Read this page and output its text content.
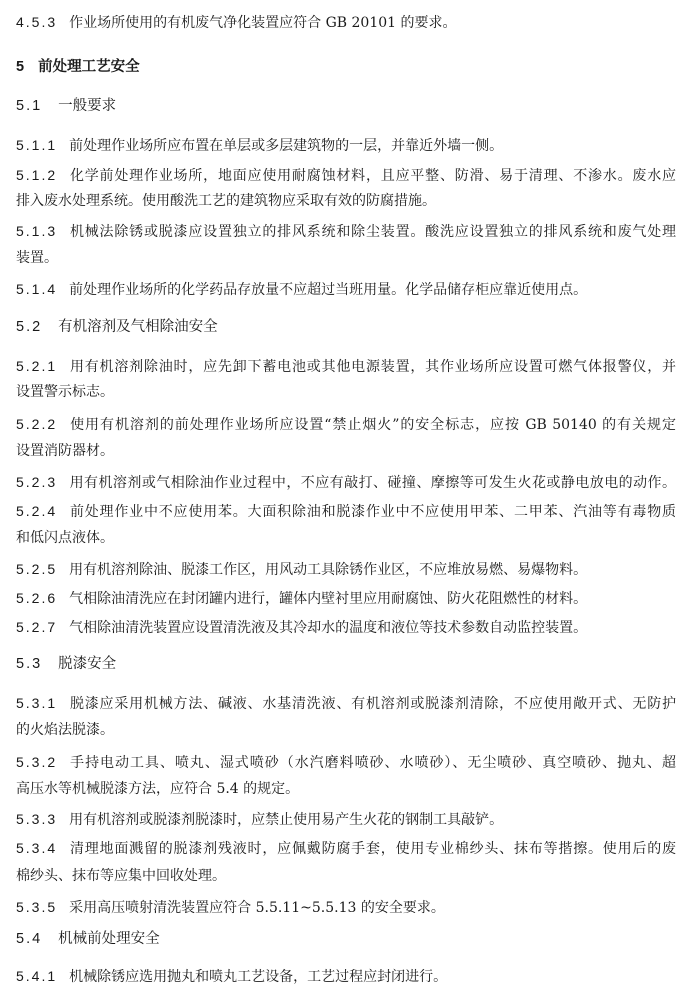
4.5.3 作业场所使用的有机废气净化装置应符合 GB 20101 的要求。
5 前处理工艺安全
5.1 一般要求
5.1.1 前处理作业场所应布置在单层或多层建筑物的一层，并靠近外墙一侧。
5.1.2 化学前处理作业场所，地面应使用耐腐蚀材料，且应平整、防滑、易于清理、不渗水。废水应
排入废水处理系统。使用酸洗工艺的建筑物应采取有效的防腐措施。
5.1.3 机械法除锈或脱漆应设置独立的排风系统和除尘装置。酸洗应设置独立的排风系统和废气处理
装置。
5.1.4 前处理作业场所的化学药品存放量不应超过当班用量。化学品储存柜应靠近使用点。
5.2 有机溶剂及气相除油安全
5.2.1 用有机溶剂除油时，应先卸下蓄电池或其他电源装置，其作业场所应设置可燃气体报警仪，并
设置警示标志。
5.2.2 使用有机溶剂的前处理作业场所应设置“禁止烟火”的安全标志，应按 GB 50140 的有关规定
设置消防器材。
5.2.3 用有机溶剂或气相除油作业过程中，不应有敲打、碰撞、摩擦等可发生火花或静电放电的动作。
5.2.4 前处理作业中不应使用苯。大面积除油和脱漆作业中不应使用甲苯、二甲苯、汽油等有毒物质
和低闪点液体。
5.2.5 用有机溶剂除油、脱漆工作区，用风动工具除锈作业区，不应堆放易燃、易爆物料。
5.2.6 气相除油清洗应在封闭罐内进行，罐体内壁衬里应用耐腐蚀、防火花阻燃性的材料。
5.2.7 气相除油清洗装置应设置清洗液及其冷却水的温度和液位等技术参数自动监控装置。
5.3 脱漆安全
5.3.1 脱漆应采用机械方法、碱液、水基清洗液、有机溶剂或脱漆剂清除，不应使用敞开式、无防护
的火焰法脱漆。
5.3.2 手持电动工具、喷丸、湿式喷砂（水汽磨料喷砂、水喷砂）、无尘喷砂、真空喷砂、抛丸、超
高压水等机械脱漆方法，应符合 5.4 的规定。
5.3.3 用有机溶剂或脱漆剂脱漆时，应禁止使用易产生火花的钢制工具敲铲。
5.3.4 清理地面溅留的脱漆剂残液时，应佩戴防腐手套，使用专业棉纱头、抹布等揩擦。使用后的废
棉纱头、抹布等应集中回收处理。
5.3.5 采用高压喷射清洗装置应符合 5.5.11~5.5.13 的安全要求。
5.4 机械前处理安全
5.4.1 机械除锈应选用抛丸和喷丸工艺设备，工艺过程应封闭进行。
